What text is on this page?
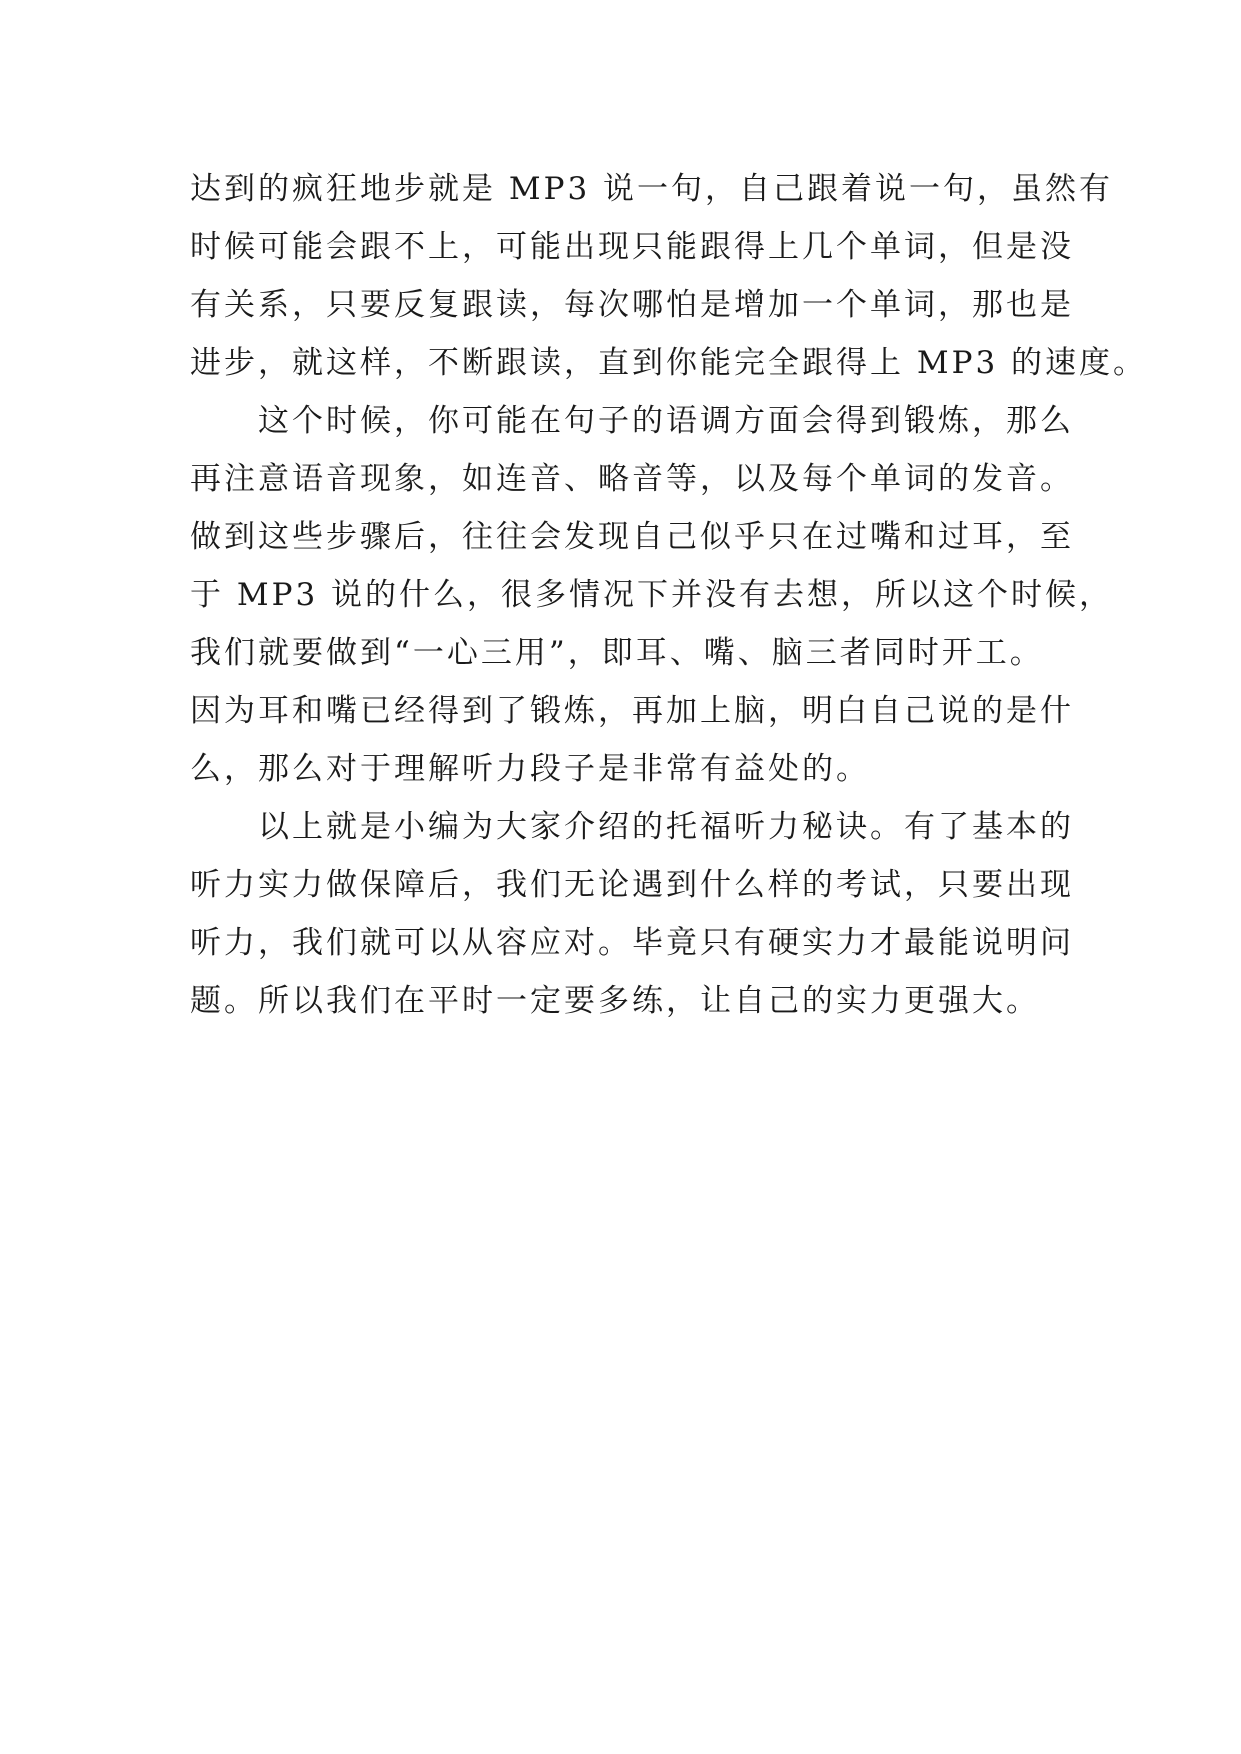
达到的疯狂地步就是 MP3 说一句，自己跟着说一句，虽然有
时候可能会跟不上，可能出现只能跟得上几个单词，但是没
有关系，只要反复跟读，每次哪怕是增加一个单词，那也是
进步，就这样，不断跟读，直到你能完全跟得上 MP3 的速度。
这个时候，你可能在句子的语调方面会得到锻炼，那么
再注意语音现象，如连音、略音等，以及每个单词的发音。
做到这些步骤后，往往会发现自己似乎只在过嘴和过耳，至
于 MP3 说的什么，很多情况下并没有去想，所以这个时候，
我们就要做到“一心三用”，即耳、嘴、脑三者同时开工。
因为耳和嘴已经得到了锻炼，再加上脑，明白自己说的是什
么，那么对于理解听力段子是非常有益处的。
以上就是小编为大家介绍的托福听力秘诀。有了基本的
听力实力做保障后，我们无论遇到什么样的考试，只要出现
听力，我们就可以从容应对。毕竟只有硬实力才最能说明问
题。所以我们在平时一定要多练，让自己的实力更强大。
